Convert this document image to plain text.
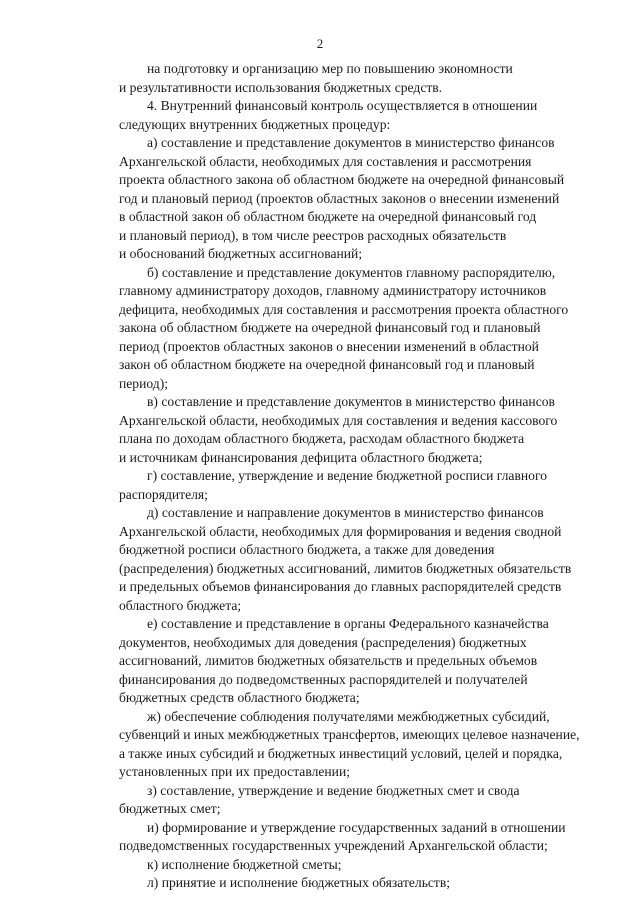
2

на подготовку и организацию мер по повышению экономности
и результативности использования бюджетных средств.

4. Внутренний финансовый контроль осуществляется в отношении
следующих внутренних бюджетных процедур:

а) составление и представление документов в министерство финансов
Архангельской области, необходимых для составления и рассмотрения
проекта областного закона об областном бюджете на очередной финансовый
год и плановый период (проектов областных законов о внесении изменений
в областной закон об областном бюджете на очередной финансовый год
и плановый период), в том числе реестров расходных обязательств
и обоснований бюджетных ассигнований;

б) составление и представление документов главному распорядителю,
главному администратору доходов, главному администратору источников
дефицита, необходимых для составления и рассмотрения проекта областного
закона об областном бюджете на очередной финансовый год и плановый
период (проектов областных законов о внесении изменений в областной
закон об областном бюджете на очередной финансовый год и плановый
период);

в) составление и представление документов в министерство финансов
Архангельской области, необходимых для составления и ведения кассового
плана по доходам областного бюджета, расходам областного бюджета
и источникам финансирования дефицита областного бюджета;

г) составление, утверждение и ведение бюджетной росписи главного
распорядителя;

д) составление и направление документов в министерство финансов
Архангельской области, необходимых для формирования и ведения сводной
бюджетной росписи областного бюджета, а также для доведения
(распределения) бюджетных ассигнований, лимитов бюджетных обязательств
и предельных объемов финансирования до главных распорядителей средств
областного бюджета;

е) составление и представление в органы Федерального казначейства
документов, необходимых для доведения (распределения) бюджетных
ассигнований, лимитов бюджетных обязательств и предельных объемов
финансирования до подведомственных распорядителей и получателей
бюджетных средств областного бюджета;

ж) обеспечение соблюдения получателями межбюджетных субсидий,
субвенций и иных межбюджетных трансфертов, имеющих целевое назначение,
а также иных субсидий и бюджетных инвестиций условий, целей и порядка,
установленных при их предоставлении;

з) составление, утверждение и ведение бюджетных смет и свода
бюджетных смет;

и) формирование и утверждение государственных заданий в отношении
подведомственных государственных учреждений Архангельской области;

к) исполнение бюджетной сметы;

л) принятие и исполнение бюджетных обязательств;
